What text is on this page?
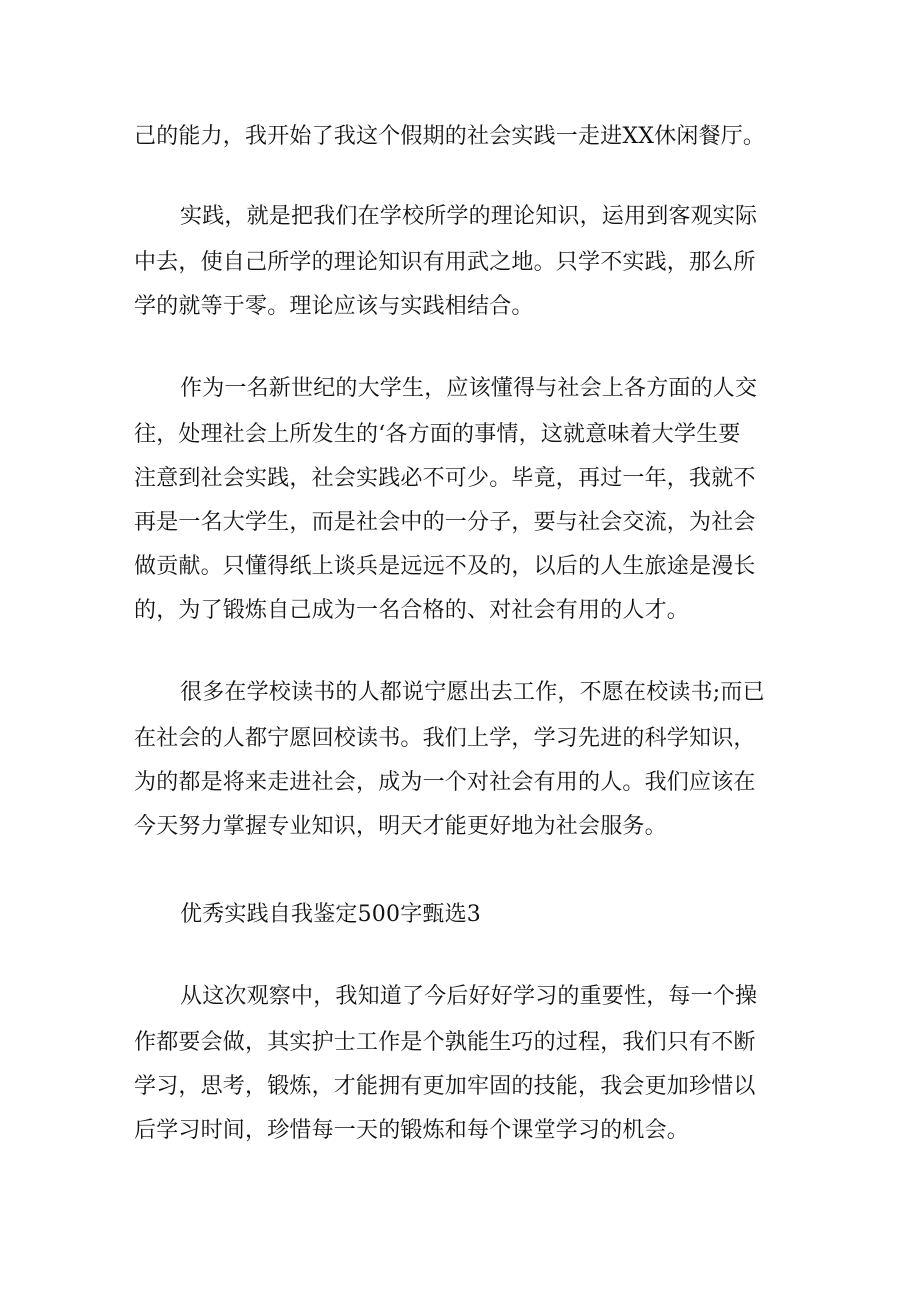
己的能力，我开始了我这个假期的社会实践一走进XX休闲餐厅。
实践，就是把我们在学校所学的理论知识，运用到客观实际
中去，使自己所学的理论知识有用武之地。只学不实践，那么所
学的就等于零。理论应该与实践相结合。
作为一名新世纪的大学生，应该懂得与社会上各方面的人交
往，处理社会上所发生的‘各方面的事情，这就意味着大学生要
注意到社会实践，社会实践必不可少。毕竟，再过一年，我就不
再是一名大学生，而是社会中的一分子，要与社会交流，为社会
做贡献。只懂得纸上谈兵是远远不及的，以后的人生旅途是漫长
的，为了锻炼自己成为一名合格的、对社会有用的人才。
很多在学校读书的人都说宁愿出去工作，不愿在校读书;而已
在社会的人都宁愿回校读书。我们上学，学习先进的科学知识，
为的都是将来走进社会，成为一个对社会有用的人。我们应该在
今天努力掌握专业知识，明天才能更好地为社会服务。
优秀实践自我鉴定500字甄选3
从这次观察中，我知道了今后好好学习的重要性，每一个操
作都要会做，其实护士工作是个孰能生巧的过程，我们只有不断
学习，思考，锻炼，才能拥有更加牢固的技能，我会更加珍惜以
后学习时间，珍惜每一天的锻炼和每个课堂学习的机会。
